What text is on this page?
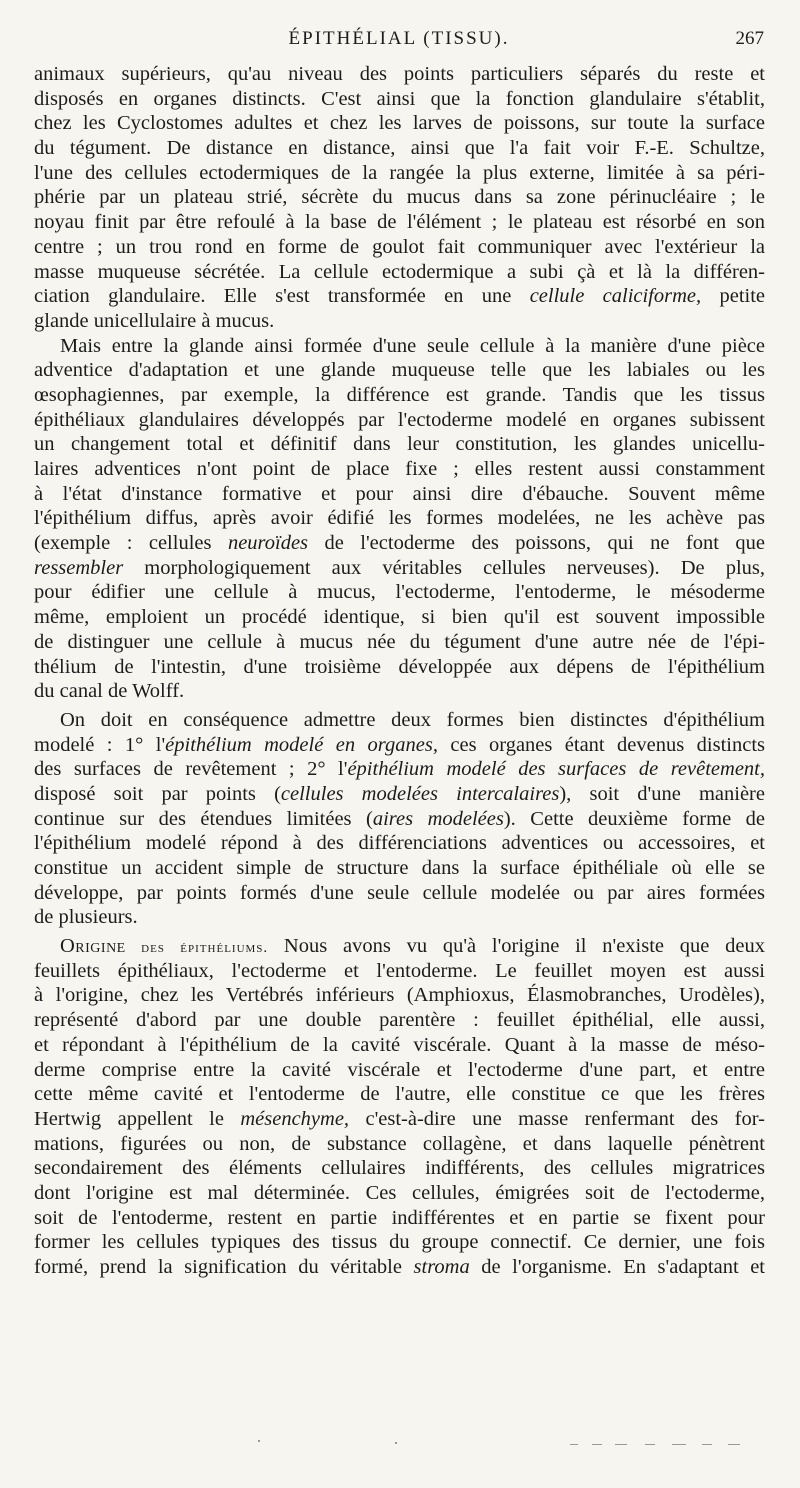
ÉPITHÉLIAL (TISSU).	267
animaux supérieurs, qu'au niveau des points particuliers séparés du reste et
disposés en organes distincts. C'est ainsi que la fonction glandulaire s'établit,
chez les Cyclostomes adultes et chez les larves de poissons, sur toute la surface
du tégument. De distance en distance, ainsi que l'a fait voir F.-E. Schultze,
l'une des cellules ectodermiques de la rangée la plus externe, limitée à sa péri-
phérie par un plateau strié, sécrète du mucus dans sa zone périnucléaire ; le
noyau finit par être refoulé à la base de l'élément ; le plateau est résorbé en son
centre ; un trou rond en forme de goulot fait communiquer avec l'extérieur la
masse muqueuse sécrétée. La cellule ectodermique a subi çà et là la différen-
ciation glandulaire. Elle s'est transformée en une cellule caliciforme, petite
glande unicellulaire à mucus.
Mais entre la glande ainsi formée d'une seule cellule à la manière d'une pièce
adventice d'adaptation et une glande muqueuse telle que les labiales ou les
œsophagiennes, par exemple, la différence est grande. Tandis que les tissus
épithéliaux glandulaires développés par l'ectoderme modelé en organes subissent
un changement total et définitif dans leur constitution, les glandes unicellu-
laires adventices n'ont point de place fixe ; elles restent aussi constamment
à l'état d'instance formative et pour ainsi dire d'ébauche. Souvent même
l'épithélium diffus, après avoir édifié les formes modelées, ne les achève pas
(exemple : cellules neuroïdes de l'ectoderme des poissons, qui ne font que
ressembler morphologiquement aux véritables cellules nerveuses). De plus,
pour édifier une cellule à mucus, l'ectoderme, l'entoderme, le mésoderme
même, emploient un procédé identique, si bien qu'il est souvent impossible
de distinguer une cellule à mucus née du tégument d'une autre née de l'épi-
thélium de l'intestin, d'une troisième développée aux dépens de l'épithélium
du canal de Wolff.
On doit en conséquence admettre deux formes bien distinctes d'épithélium
modelé : 1° l'épithélium modelé en organes, ces organes étant devenus distincts
des surfaces de revêtement ; 2° l'épithélium modelé des surfaces de revêtement,
disposé soit par points (cellules modelées intercalaires), soit d'une manière
continue sur des étendues limitées (aires modelées). Cette deuxième forme de
l'épithélium modelé répond à des différenciations adventices ou accessoires, et
constitue un accident simple de structure dans la surface épithéliale où elle se
développe, par points formés d'une seule cellule modelée ou par aires formées
de plusieurs.
Origine des épithéliums. Nous avons vu qu'à l'origine il n'existe que deux
feuillets épithéliaux, l'ectoderme et l'entoderme. Le feuillet moyen est aussi
à l'origine, chez les Vertébrés inférieurs (Amphioxus, Élasmobranches, Urodèles),
représenté d'abord par une double parentère : feuillet épithélial, elle aussi,
et répondant à l'épithélium de la cavité viscérale. Quant à la masse de méso-
derme comprise entre la cavité viscérale et l'ectoderme d'une part, et entre
cette même cavité et l'entoderme de l'autre, elle constitue ce que les frères
Hertwig appellent le mésenchyme, c'est-à-dire une masse renfermant des for-
mations, figurées ou non, de substance collagène, et dans laquelle pénètrent
secondairement des éléments cellulaires indifférents, des cellules migratrices
dont l'origine est mal déterminée. Ces cellules, émigrées soit de l'ectoderme,
soit de l'entoderme, restent en partie indifférentes et en partie se fixent pour
former les cellules typiques des tissus du groupe connectif. Ce dernier, une fois
formé, prend la signification du véritable stroma de l'organisme. En s'adaptant et
